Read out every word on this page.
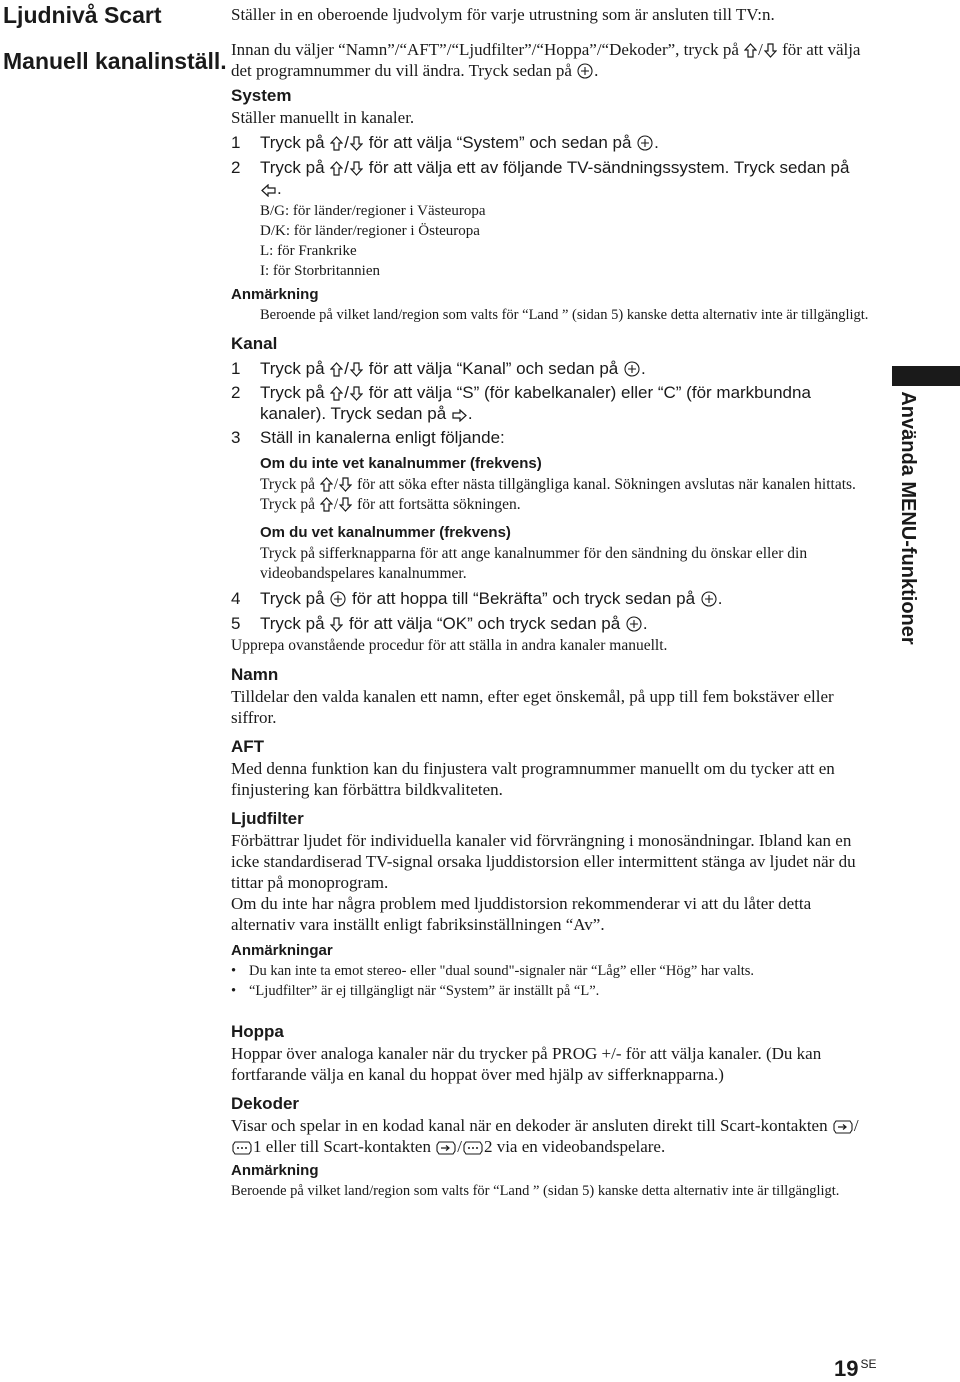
Ljudnivå Scart
Manuell kanalinställ.

Ställer in en oberoende ljudvolym för varje utrustning som är ansluten till TV:n.

Innan du väljer “Namn”/“AFT”/“Ljudfilter”/“Hoppa”/“Dekoder”, tryck på / för att välja det programnummer du vill ändra. Tryck sedan på .

System

Ställer manuellt in kanaler.

1	Tryck på / för att välja “System” och sedan på .
2	Tryck på / för att välja ett av följande TV-sändningssystem. Tryck sedan på .
B/G: för länder/regioner i Västeuropa
D/K: för länder/regioner i Östeuropa
L: för Frankrike
I: för Storbritannien

Anmärkning

Beroende på vilket land/region som valts för “Land ” (sidan 5) kanske detta alternativ inte är tillgängligt.

Kanal

1	Tryck på / för att välja “Kanal” och sedan på .
2	Tryck på / för att välja “S” (för kabelkanaler) eller “C” (för markbundna kanaler). Tryck sedan på .
3	Ställ in kanalerna enligt följande:

Om du inte vet kanalnummer (frekvens)

Tryck på / för att söka efter nästa tillgängliga kanal. Sökningen avslutas när kanalen hittats. Tryck på / för att fortsätta sökningen.

Om du vet kanalnummer (frekvens)

Tryck på sifferknapparna för att ange kanalnummer för den sändning du önskar eller din videobandspelares kanalnummer.

4	Tryck på för att hoppa till “Bekräfta” och tryck sedan på .
5	Tryck på för att välja “OK” och tryck sedan på .

Upprepa ovanstående procedur för att ställa in andra kanaler manuellt.

Namn

Tilldelar den valda kanalen ett namn, efter eget önskemål, på upp till fem bokstäver eller siffror.

AFT

Med denna funktion kan du finjustera valt programnummer manuellt om du tycker att en finjustering kan förbättra bildkvaliteten.

Ljudfilter

Förbättrar ljudet för individuella kanaler vid förvrängning i monosändningar. Ibland kan en icke standardiserad TV-signal orsaka ljuddistorsion eller intermittent stänga av ljudet när du tittar på monoprogram.

Om du inte har några problem med ljuddistorsion rekommenderar vi att du låter detta alternativ vara inställt enligt fabriksinställningen “Av”.

Anmärkningar

• Du kan inte ta emot stereo- eller "dual sound"-signaler när “Låg” eller “Hög” har valts.
• “Ljudfilter” är ej tillgängligt när “System” är inställt på “L”.

Hoppa

Hoppar över analoga kanaler när du trycker på PROG +/- för att välja kanaler. (Du kan fortfarande välja en kanal du hoppat över med hjälp av sifferknapparna.)

Dekoder

Visar och spelar in en kodad kanal när en dekoder är ansluten direkt till Scart-kontakten /1 eller till Scart-kontakten / 2 via en videobandspelare.

Anmärkning

Beroende på vilket land/region som valts för “Land ” (sidan 5) kanske detta alternativ inte är tillgängligt.

Använda MENU-funktioner
19 $^{SE}$
